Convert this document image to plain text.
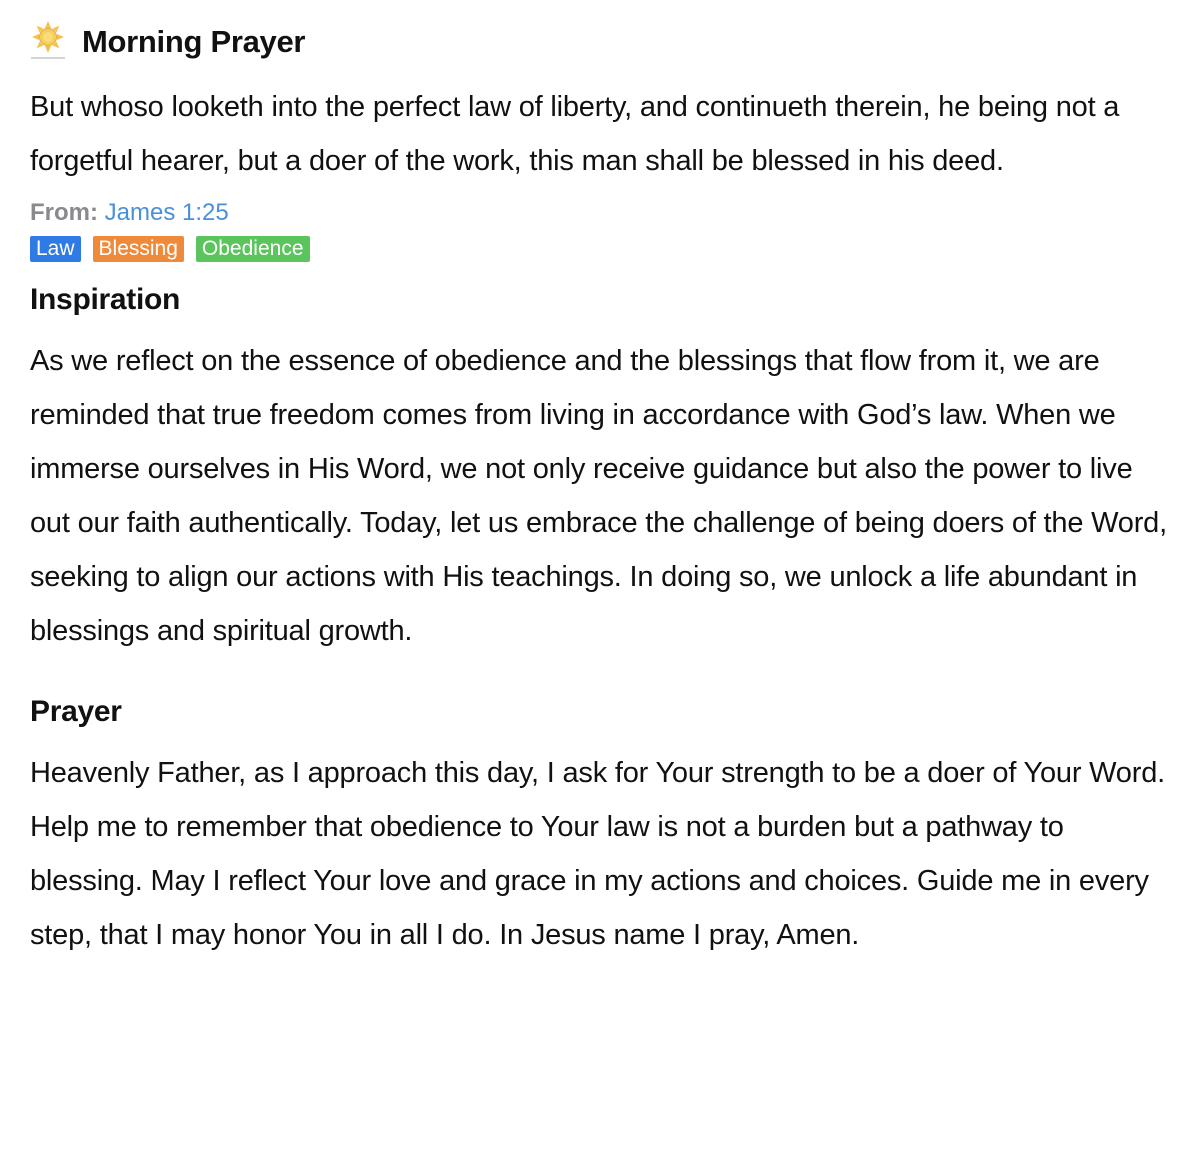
Morning Prayer

But whoso looketh into the perfect law of liberty, and continueth therein, he being not a forgetful hearer, but a doer of the work, this man shall be blessed in his deed.

From: James 1:25
Law Blessing Obedience
Inspiration

As we reflect on the essence of obedience and the blessings that flow from it, we are reminded that true freedom comes from living in accordance with God’s law. When we immerse ourselves in His Word, we not only receive guidance but also the power to live out our faith authentically. Today, let us embrace the challenge of being doers of the Word, seeking to align our actions with His teachings. In doing so, we unlock a life abundant in blessings and spiritual growth.

Prayer

Heavenly Father, as I approach this day, I ask for Your strength to be a doer of Your Word. Help me to remember that obedience to Your law is not a burden but a pathway to blessing. May I reflect Your love and grace in my actions and choices. Guide me in every step, that I may honor You in all I do. In Jesus name I pray, Amen.
